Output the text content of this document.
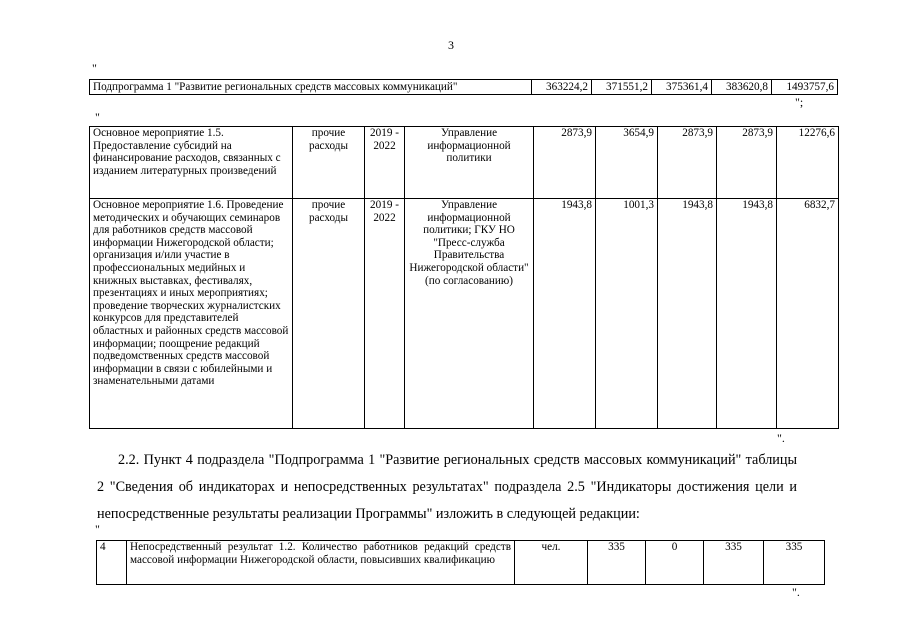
3
"
Подпрограмма 1 "Развитие региональных средств массовых коммуникаций"	363224,2	371551,2	375361,4	383620,8	1493757,6
";
"
Основное мероприятие 1.5. Предоставление субсидий на финансирование расходов, связанных с изданием литературных произведений	прочие расходы	2019 - 2022	Управление информационной политики	2873,9	3654,9	2873,9	2873,9	12276,6
Основное мероприятие 1.6. Проведение методических и обучающих семинаров для работников средств массовой информации Нижегородской области; организация и/или участие в профессиональных медийных и книжных выставках, фестивалях, презентациях и иных мероприятиях; проведение творческих журналистских конкурсов для представителей областных и районных средств массовой информации; поощрение редакций подведомственных средств массовой информации в связи с юбилейными и знаменательными датами	прочие расходы	2019 - 2022	Управление информационной политики; ГКУ НО "Пресс-служба Правительства Нижегородской области" (по согласованию)	1943,8	1001,3	1943,8	1943,8	6832,7
".
2.2. Пункт 4 подраздела "Подпрограмма 1 "Развитие региональных средств массовых коммуникаций" таблицы 2 "Сведения об индикаторах и непосредственных результатах" подраздела 2.5 "Индикаторы достижения цели и непосредственные результаты реализации Программы" изложить в следующей редакции:
"
4	Непосредственный результат 1.2. Количество работников редакций средств массовой информации Нижегородской области, повысивших квалификацию	чел.	335	0	335	335
".
